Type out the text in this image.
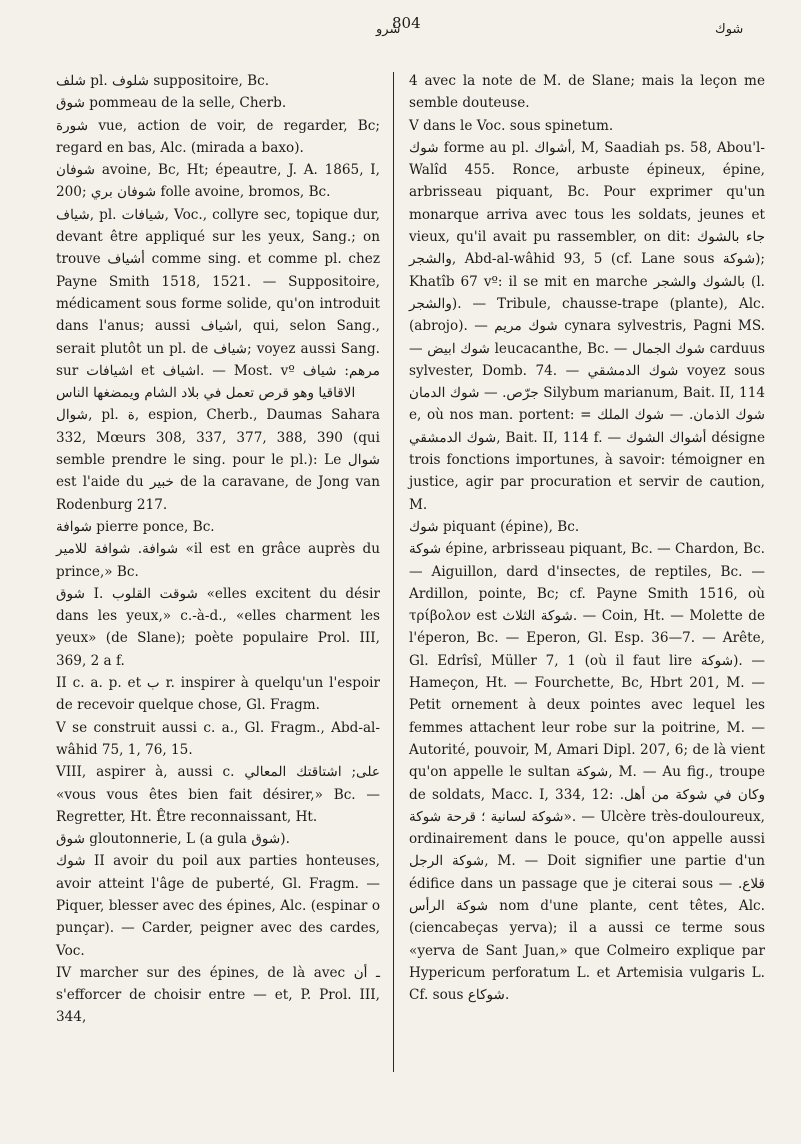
شرو
804	شوك

شلف pl. شلوف suppositoire, Bc.

شوق pommeau de la selle, Cherb.

شورة vue, action de voir, de regarder, Bc; regard en bas, Alc. (mirada a baxo).

شوفان avoine, Bc, Ht; épeautre, J. A. 1865, I, 200; شوفان بري folle avoine, bromos, Bc.

شياف, pl. شيافات, Voc., collyre sec, topique dur, devant être appliqué sur les yeux, Sang.; on trouve أشياف comme sing. et comme pl. chez Payne Smith 1518, 1521. — Suppositoire, médicament sous forme solide, qu'on introduit dans l'anus; aussi اشياف, qui, selon Sang., serait plutôt un pl. de شياف; voyez aussi Sang. sur اشيافات et اشياف. — Most. vº مرهم: شياف الاقاقيا وهو قرص تعمل في بلاد الشام ويمضغها الناس

شوال, pl. ة, espion, Cherb., Daumas Sahara 332, Mœurs 308, 337, 377, 388, 390 (qui semble prendre le sing. pour le pl.): Le شوال est l'aide du خبير de la caravane, de Jong van Rodenburg 217.

شوافة pierre ponce, Bc.

شوافة. شوافة للامير «il est en grâce auprès du prince,» Bc.

شوق I. شوقت القلوب «elles excitent du désir dans les yeux,» c.-à-d., «elles charment les yeux» (de Slane); poète populaire Prol. III, 369, 2 a f.

II c. a. p. et ب r. inspirer à quelqu'un l'espoir de recevoir quelque chose, Gl. Fragm.

V se construit aussi c. a., Gl. Fragm., Abd-al-wâhid 75, 1, 76, 15.

VIII, aspirer à, aussi c. على; اشتاقتك المعالي «vous vous êtes bien fait désirer,» Bc. — Regretter, Ht. Être reconnaissant, Ht.

شوق gloutonnerie, L (a gula شوق).

شوك II avoir du poil aux parties honteuses, avoir atteint l'âge de puberté, Gl. Fragm. — Piquer, blesser avec des épines, Alc. (espinar o punçar). — Carder, peigner avec des cardes, Voc.

IV marcher sur des épines, de là avec ـ أن s'efforcer de choisir entre — et, P. Prol. III, 344,

4 avec la note de M. de Slane; mais la leçon me semble douteuse.

V dans le Voc. sous spinetum.

شوك forme au pl. أشواك, M, Saadiah ps. 58, Abou'l-Walîd 455. Ronce, arbuste épineux, épine, arbrisseau piquant, Bc. Pour exprimer qu'un monarque arriva avec tous les soldats, jeunes et vieux, qu'il avait pu rassembler, on dit: جاء بالشوك والشجر, Abd-al-wâhid 93, 5 (cf. Lane sous شوكة); Khatîb 67 vº: il se mit en marche بالشوك والشجر (l. والشجر). — Tribule, chausse-trape (plante), Alc. (abrojo). — شوك مريم cynara sylvestris, Pagni MS. — شوك ابيض leucacanthe, Bc. — شوك الجمال carduus sylvester, Domb. 74. — شوك الدمشقي voyez sous جرّص. — شوك الدمان Silybum marianum, Bait. II, 114 e, où nos man. portent: شوك الذمان. — شوك الملك = شوك الدمشقي, Bait. II, 114 f. — أشواك الشوك désigne trois fonctions importunes, à savoir: témoigner en justice, agir par procuration et servir de caution, M.

شوك piquant (épine), Bc.

شوكة épine, arbrisseau piquant, Bc. — Chardon, Bc. — Aiguillon, dard d'insectes, de reptiles, Bc. — Ardillon, pointe, Bc; cf. Payne Smith 1516, où τρίβολον est شوكة الثلاث. — Coin, Ht. — Molette de l'éperon, Bc. — Eperon, Gl. Esp. 36—7. — Arête, Gl. Edrîsî, Müller 7, 1 (où il faut lire شوكة). — Hameçon, Ht. — Fourchette, Bc, Hbrt 201, M. — Petit ornement à deux pointes avec lequel les femmes attachent leur robe sur la poitrine, M. — Autorité, pouvoir, M, Amari Dipl. 207, 6; de là vient qu'on appelle le sultan شوكة, M. — Au fig., troupe de soldats, Macc. I, 334, 12: وكان في شوكة من أهل. «شوكة لسانية ؛ قرحة شوكة. — Ulcère très-douloureux, ordinairement dans le pouce, qu'on appelle aussi شوكة الرجل, M. — Doit signifier une partie d'un édifice dans un passage que je citerai sous قلاع. — شوكة الرأس nom d'une plante, cent têtes, Alc. (ciencabeças yerva); il a aussi ce terme sous «yerva de Sant Juan,» que Colmeiro explique par Hypericum perforatum L. et Artemisia vulgaris L. Cf. sous شوكاع.
